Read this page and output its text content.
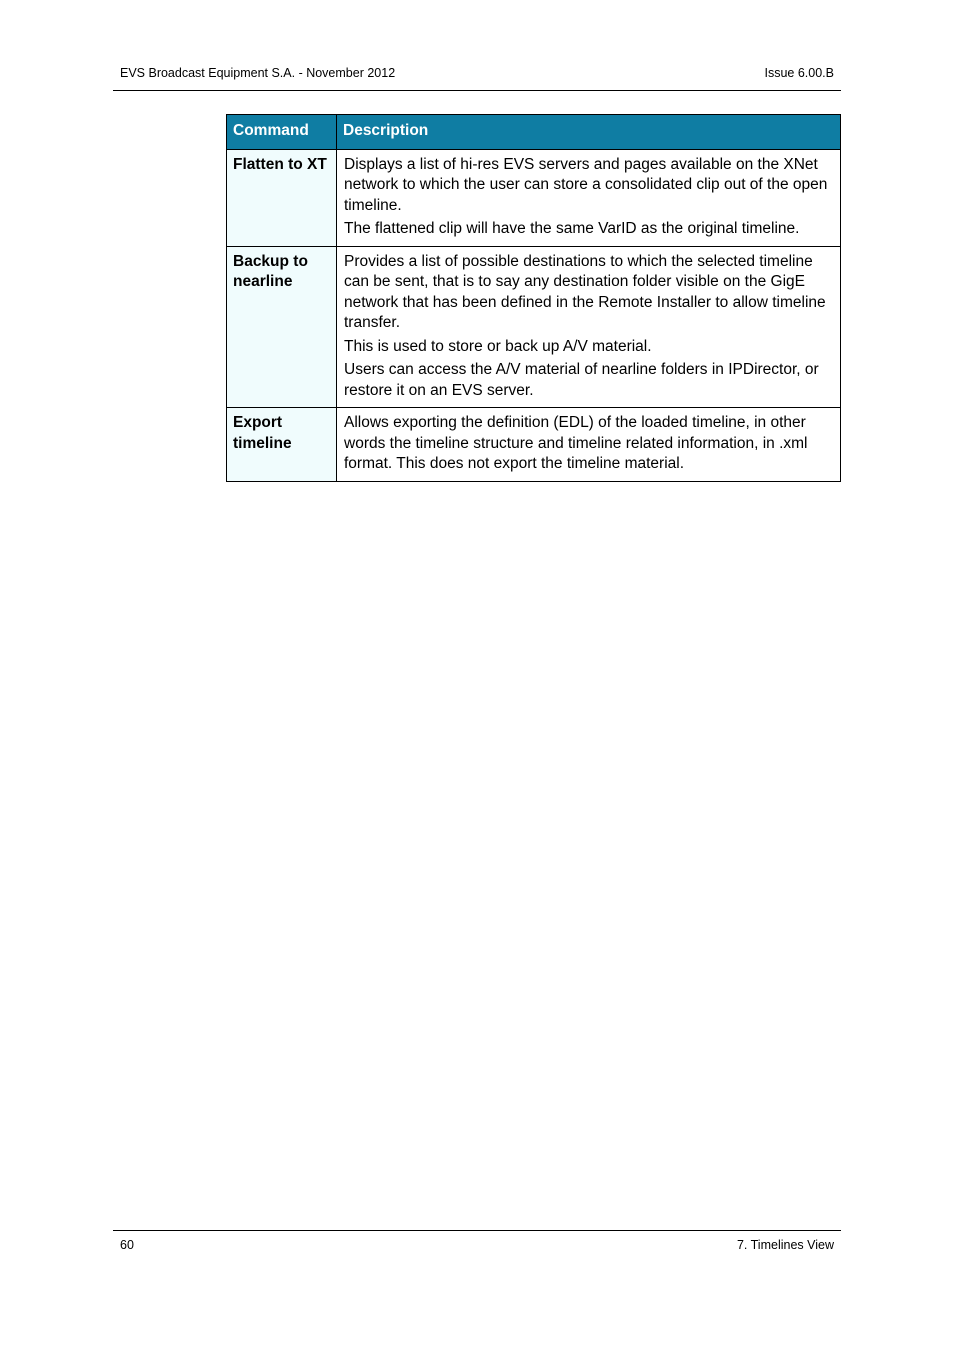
EVS Broadcast Equipment S.A. - November 2012	Issue 6.00.B
Command	Description
Flatten to XT	Displays a list of hi-res EVS servers and pages available on the XNet network to which the user can store a consolidated clip out of the open timeline.

The flattened clip will have the same VarID as the original timeline.

Backup to nearline	Provides a list of possible destinations to which the selected timeline can be sent, that is to say any destination folder visible on the GigE network that has been defined in the Remote Installer to allow timeline transfer.

This is used to store or back up A/V material.

Users can access the A/V material of nearline folders in IPDirector, or restore it on an EVS server.

Export timeline	Allows exporting the definition (EDL) of the loaded timeline, in other words the timeline structure and timeline related information, in .xml format. This does not export the timeline material.

60	7. Timelines View
